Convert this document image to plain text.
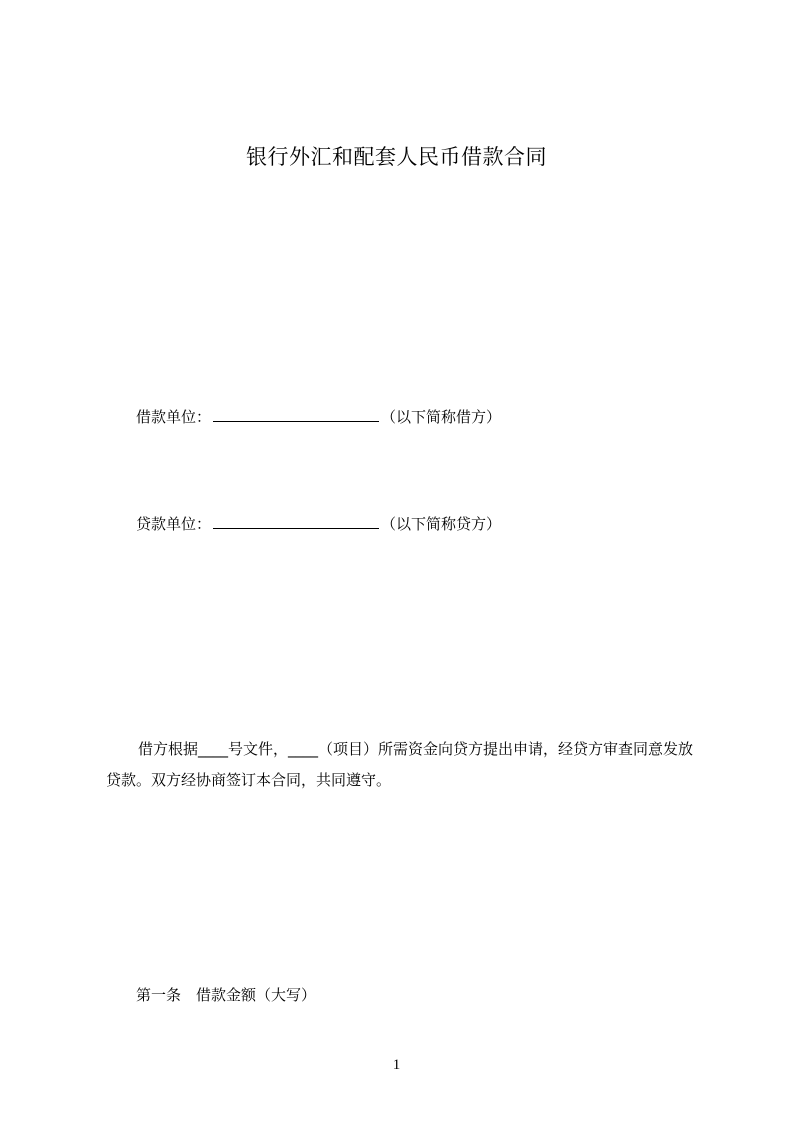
银行外汇和配套人民币借款合同
借款单位：	（以下简称借方）
贷款单位：	（以下简称贷方）
借方根据____号文件，____（项目）所需资金向贷方提出申请，经贷方审查同意发放贷款。双方经协商签订本合同，共同遵守。
第一条　借款金额（大写）
1
